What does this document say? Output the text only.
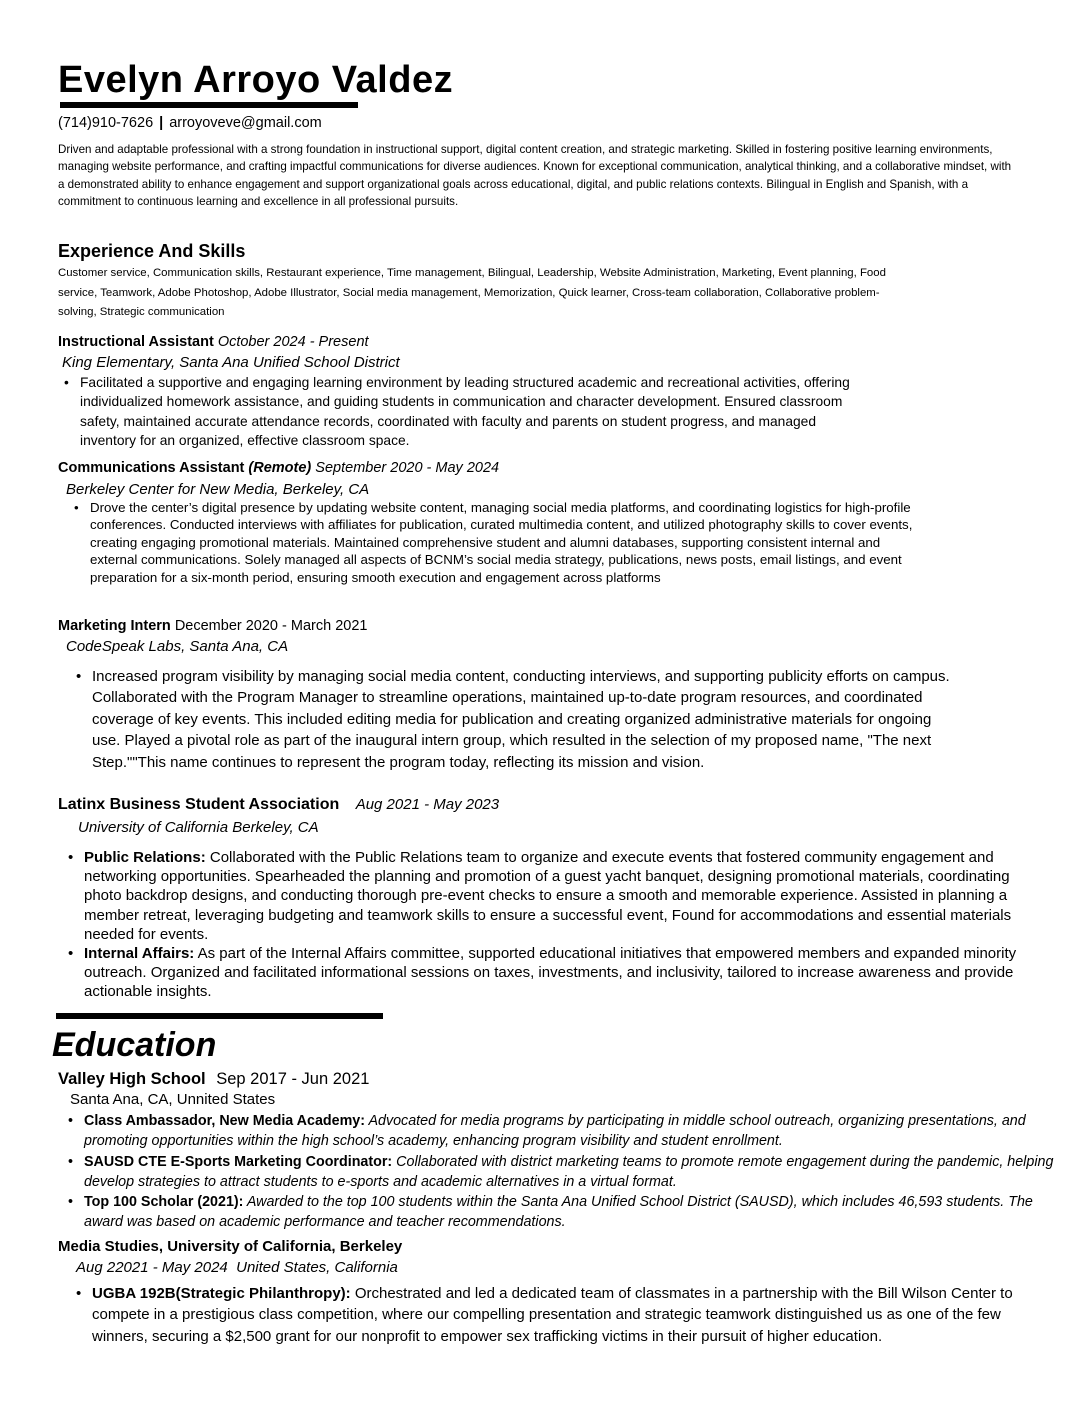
Evelyn Arroyo Valdez
(714)910-7626 | arroyoveve@gmail.com
Driven and adaptable professional with a strong foundation in instructional support, digital content creation, and strategic marketing. Skilled in fostering positive learning environments, managing website performance, and crafting impactful communications for diverse audiences. Known for exceptional communication, analytical thinking, and a collaborative mindset, with a demonstrated ability to enhance engagement and support organizational goals across educational, digital, and public relations contexts. Bilingual in English and Spanish, with a commitment to continuous learning and excellence in all professional pursuits.
Experience And Skills
Customer service, Communication skills, Restaurant experience, Time management, Bilingual, Leadership, Website Administration, Marketing, Event planning, Food service, Teamwork, Adobe Photoshop, Adobe Illustrator, Social media management, Memorization, Quick learner, Cross-team collaboration, Collaborative problem-solving, Strategic communication
Instructional Assistant October 2024 - Present
King Elementary, Santa Ana Unified School District
• Facilitated a supportive and engaging learning environment by leading structured academic and recreational activities, offering individualized homework assistance, and guiding students in communication and character development. Ensured classroom safety, maintained accurate attendance records, coordinated with faculty and parents on student progress, and managed inventory for an organized, effective classroom space.
Communications Assistant (Remote) September 2020 - May 2024
Berkeley Center for New Media, Berkeley, CA
• Drove the center’s digital presence by updating website content, managing social media platforms, and coordinating logistics for high-profile conferences. Conducted interviews with affiliates for publication, curated multimedia content, and utilized photography skills to cover events, creating engaging promotional materials. Maintained comprehensive student and alumni databases, supporting consistent internal and external communications. Solely managed all aspects of BCNM’s social media strategy, publications, news posts, email listings, and event preparation for a six-month period, ensuring smooth execution and engagement across platforms
Marketing Intern December 2020 - March 2021
CodeSpeak Labs, Santa Ana, CA
• Increased program visibility by managing social media content, conducting interviews, and supporting publicity efforts on campus. Collaborated with the Program Manager to streamline operations, maintained up-to-date program resources, and coordinated coverage of key events. This included editing media for publication and creating organized administrative materials for ongoing use. Played a pivotal role as part of the inaugural intern group, which resulted in the selection of my proposed name, "The next Step.""This name continues to represent the program today, reflecting its mission and vision.
Latinx Business Student Association Aug 2021 - May 2023
University of California Berkeley, CA
• Public Relations: Collaborated with the Public Relations team to organize and execute events that fostered community engagement and networking opportunities. Spearheaded the planning and promotion of a guest yacht banquet, designing promotional materials, coordinating photo backdrop designs, and conducting thorough pre-event checks to ensure a smooth and memorable experience. Assisted in planning a member retreat, leveraging budgeting and teamwork skills to ensure a successful event, Found for accommodations and essential materials needed for events.
• Internal Affairs: As part of the Internal Affairs committee, supported educational initiatives that empowered members and expanded minority outreach. Organized and facilitated informational sessions on taxes, investments, and inclusivity, tailored to increase awareness and provide actionable insights.
Education
Valley High School Sep 2017 - Jun 2021
Santa Ana, CA, Unnited States
• Class Ambassador, New Media Academy: Advocated for media programs by participating in middle school outreach, organizing presentations, and promoting opportunities within the high school’s academy, enhancing program visibility and student enrollment.
• SAUSD CTE E-Sports Marketing Coordinator: Collaborated with district marketing teams to promote remote engagement during the pandemic, helping develop strategies to attract students to e-sports and academic alternatives in a virtual format.
• Top 100 Scholar (2021): Awarded to the top 100 students within the Santa Ana Unified School District (SAUSD), which includes 46,593 students. The award was based on academic performance and teacher recommendations.
Media Studies, University of California, Berkeley
Aug 22021 - May 2024 United States, California
• UGBA 192B(Strategic Philanthropy): Orchestrated and led a dedicated team of classmates in a partnership with the Bill Wilson Center to compete in a prestigious class competition, where our compelling presentation and strategic teamwork distinguished us as one of the few winners, securing a $2,500 grant for our nonprofit to empower sex trafficking victims in their pursuit of higher education.
